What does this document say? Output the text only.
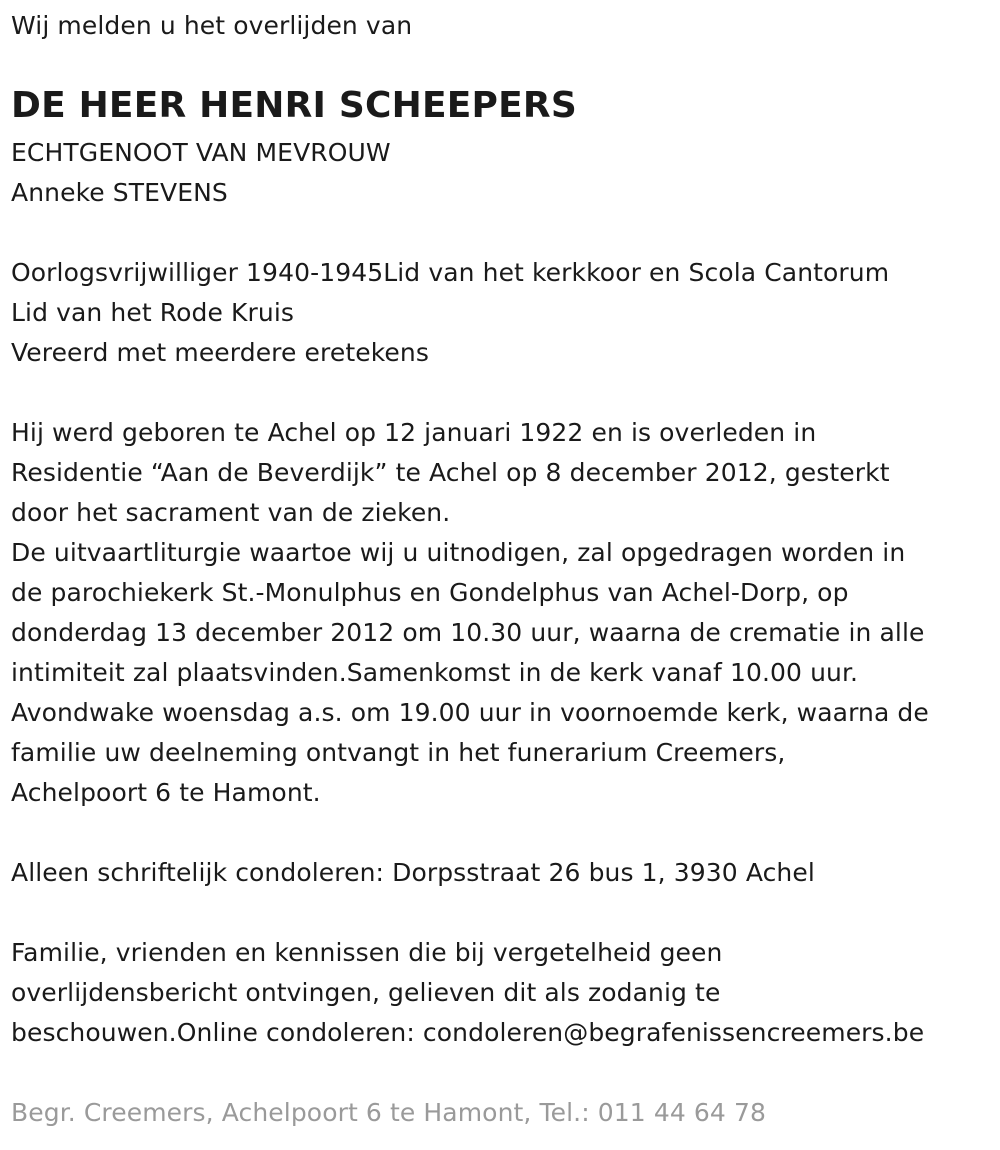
Wij melden u het overlijden van
DE HEER HENRI SCHEEPERS
ECHTGENOOT VAN MEVROUW
Anneke STEVENS
Oorlogsvrijwilliger 1940-1945Lid van het kerkkoor en Scola Cantorum
Lid van het Rode Kruis
Vereerd met meerdere eretekens
Hij werd geboren te Achel op 12 januari 1922 en is overleden in
Residentie “Aan de Beverdijk” te Achel op 8 december 2012, gesterkt
door het sacrament van de zieken.
De uitvaartliturgie waartoe wij u uitnodigen, zal opgedragen worden in
de parochiekerk St.-Monulphus en Gondelphus van Achel-Dorp, op
donderdag 13 december 2012 om 10.30 uur, waarna de crematie in alle
intimiteit zal plaatsvinden.Samenkomst in de kerk vanaf 10.00 uur.
Avondwake woensdag a.s. om 19.00 uur in voornoemde kerk, waarna de
familie uw deelneming ontvangt in het funerarium Creemers,
Achelpoort 6 te Hamont.
Alleen schriftelijk condoleren: Dorpsstraat 26 bus 1, 3930 Achel
Familie, vrienden en kennissen die bij vergetelheid geen
overlijdensbericht ontvingen, gelieven dit als zodanig te
beschouwen.Online condoleren: condoleren@begrafenissencreemers.be
Begr. Creemers, Achelpoort 6 te Hamont, Tel.: 011 44 64 78
